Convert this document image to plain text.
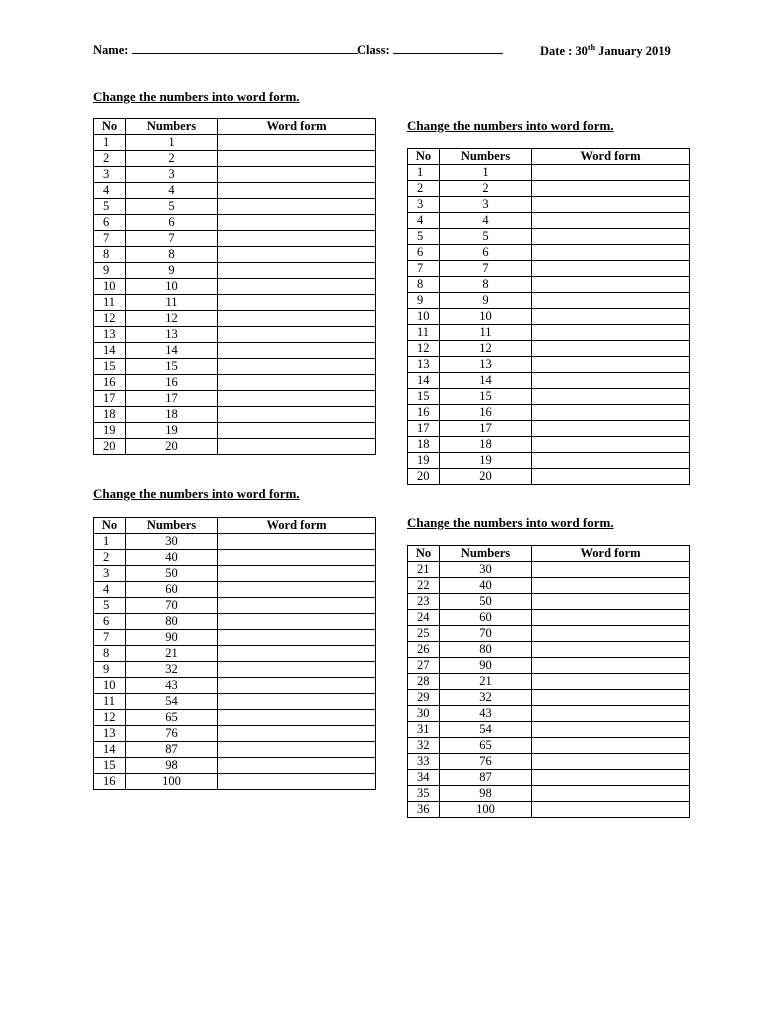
Name:	Class:	Date : 30th January 2019
Change the numbers into word form.
No	Numbers	Word form
1	1	
2	2	
3	3	
4	4	
5	5	
6	6	
7	7	
8	8	
9	9	
10	10	
11	11	
12	12	
13	13	
14	14	
15	15	
16	16	
17	17	
18	18	
19	19	
20	20	
Change the numbers into word form.
No	Numbers	Word form
1	1	
2	2	
3	3	
4	4	
5	5	
6	6	
7	7	
8	8	
9	9	
10	10	
11	11	
12	12	
13	13	
14	14	
15	15	
16	16	
17	17	
18	18	
19	19	
20	20	
Change the numbers into word form.
No	Numbers	Word form
1	30	
2	40	
3	50	
4	60	
5	70	
6	80	
7	90	
8	21	
9	32	
10	43	
11	54	
12	65	
13	76	
14	87	
15	98	
16	100	
Change the numbers into word form.
No	Numbers	Word form
21	30	
22	40	
23	50	
24	60	
25	70	
26	80	
27	90	
28	21	
29	32	
30	43	
31	54	
32	65	
33	76	
34	87	
35	98	
36	100	
